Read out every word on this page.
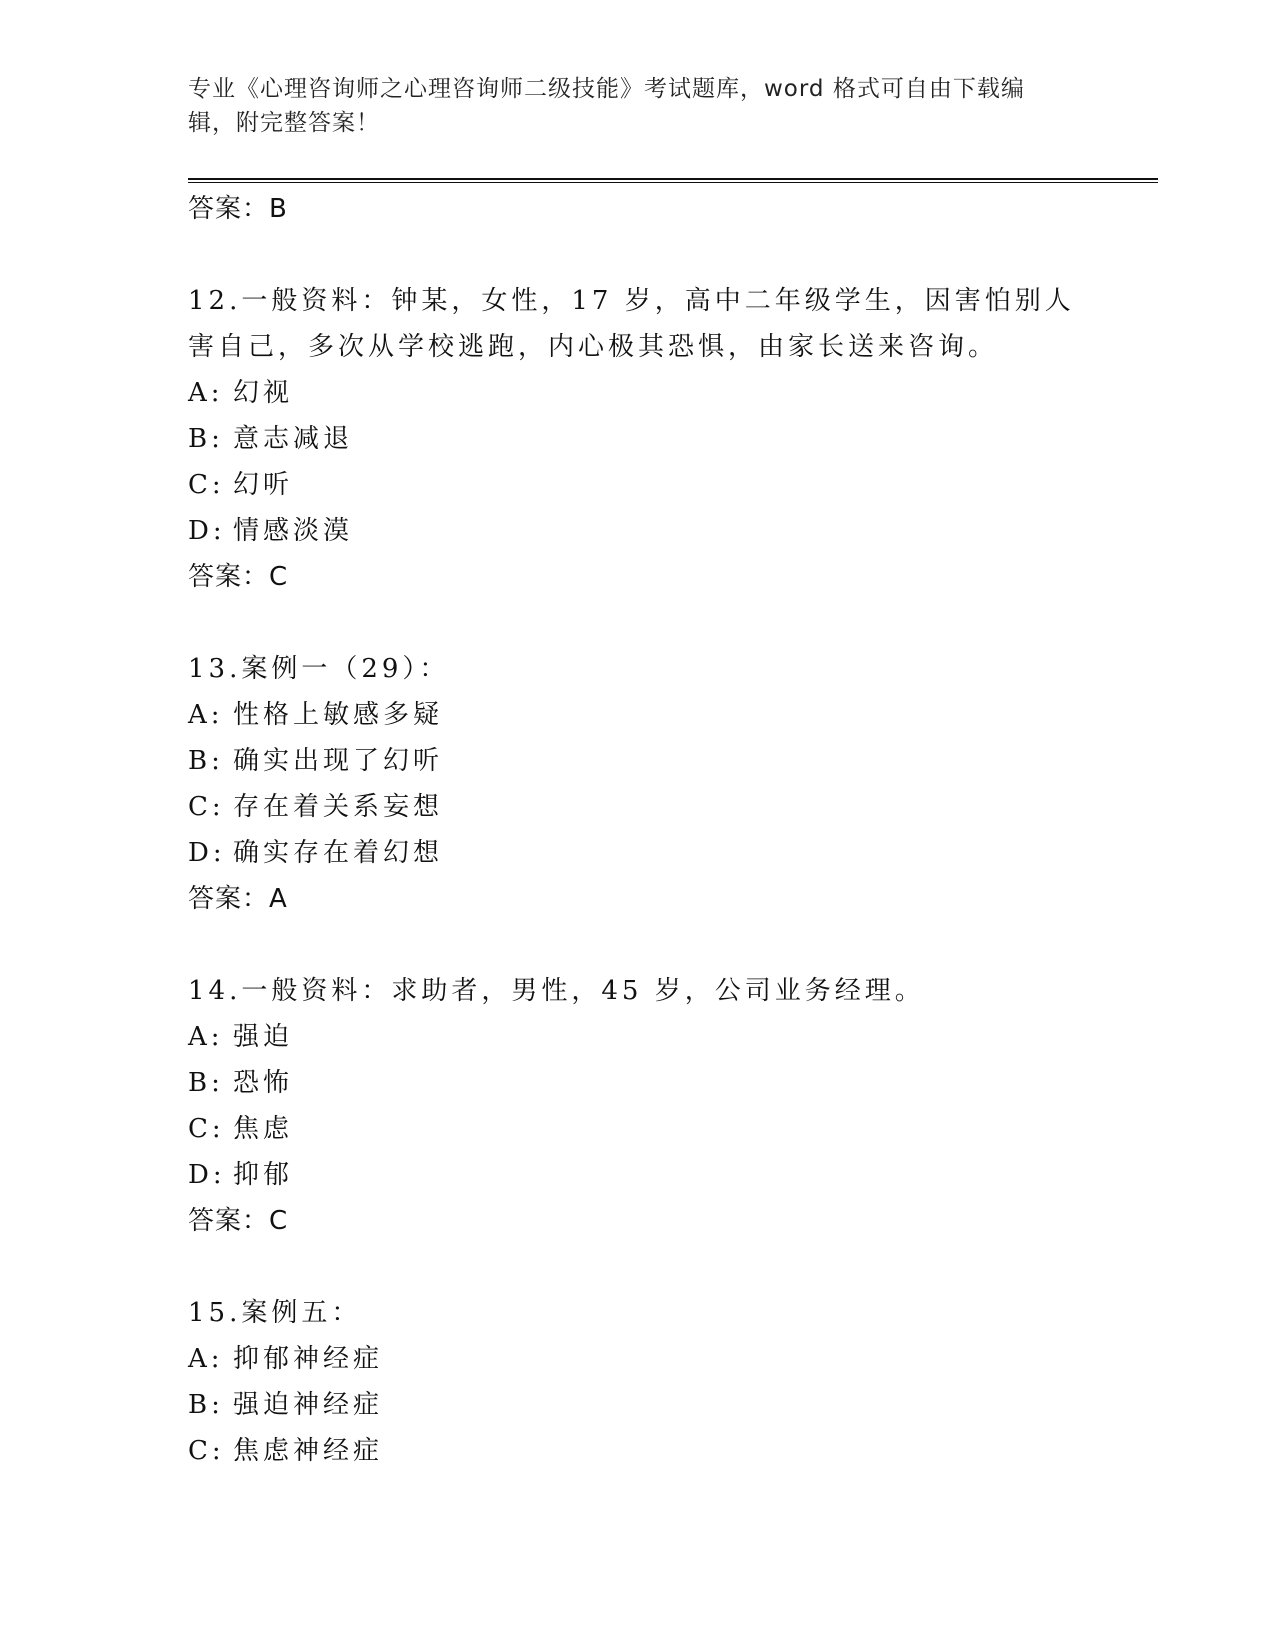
专业《心理咨询师之心理咨询师二级技能》考试题库，word 格式可自由下载编辑，附完整答案！
答案：B
12.一般资料：钟某，女性，17 岁，高中二年级学生，因害怕别人害自己，多次从学校逃跑，内心极其恐惧，由家长送来咨询。
A: 幻视
B: 意志减退
C: 幻听
D: 情感淡漠
答案：C
13.案例一（29）：
A: 性格上敏感多疑
B: 确实出现了幻听
C: 存在着关系妄想
D: 确实存在着幻想
答案：A
14.一般资料：求助者，男性，45 岁，公司业务经理。
A: 强迫
B: 恐怖
C: 焦虑
D: 抑郁
答案：C
15.案例五：
A: 抑郁神经症
B: 强迫神经症
C: 焦虑神经症
